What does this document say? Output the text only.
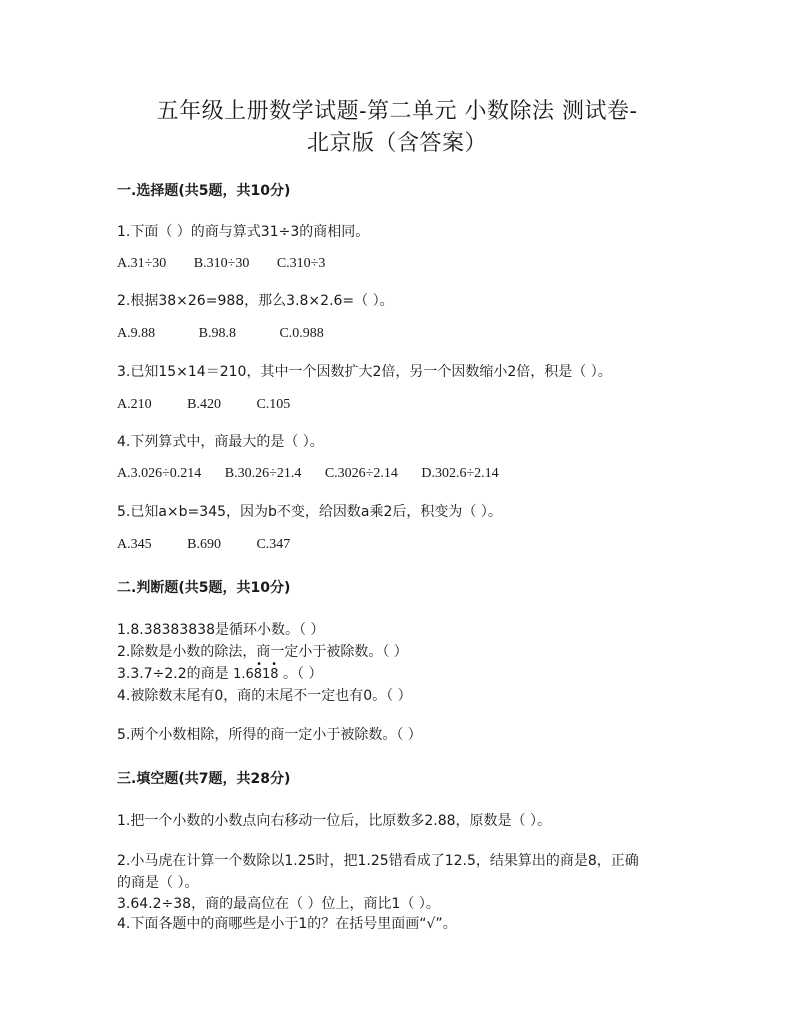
五年级上册数学试题-第二单元 小数除法 测试卷-
北京版（含答案）
一.选择题(共5题，共10分)
1.下面（ ）的商与算式31÷3的商相同。
A.31÷30 B.310÷30 C.310÷3
2.根据38×26=988，那么3.8×2.6=（ ）。
A.9.88	B.98.8	C.0.988
3.已知15×14＝210，其中一个因数扩大2倍，另一个因数缩小2倍，积是（ ）。
A.210	B.420	C.105
4.下列算式中，商最大的是（ ）。
A.3.026÷0.214 B.30.26÷21.4 C.3026÷2.14 D.302.6÷2.14
5.已知a×b=345，因为b不变，给因数a乘2后，积变为（ ）。
A.345	B.690	C.347
二.判断题(共5题，共10分)
1.8.38383838是循环小数。（ ）
2.除数是小数的除法，商一定小于被除数。（ ）
3.3.7÷2.2的商是 1.6818
• •
。（ ）
4.被除数末尾有0，商的末尾不一定也有0。（ ）
5.两个小数相除，所得的商一定小于被除数。（ ）
三.填空题(共7题，共28分)
1.把一个小数的小数点向右移动一位后，比原数多2.88，原数是（ ）。
2.小马虎在计算一个数除以1.25时，把1.25错看成了12.5，结果算出的商是8，正确
的商是（ ）。
3.64.2÷38，商的最高位在（ ）位上，商比1（ ）。
4.下面各题中的商哪些是小于1的？在括号里面画“√”。
